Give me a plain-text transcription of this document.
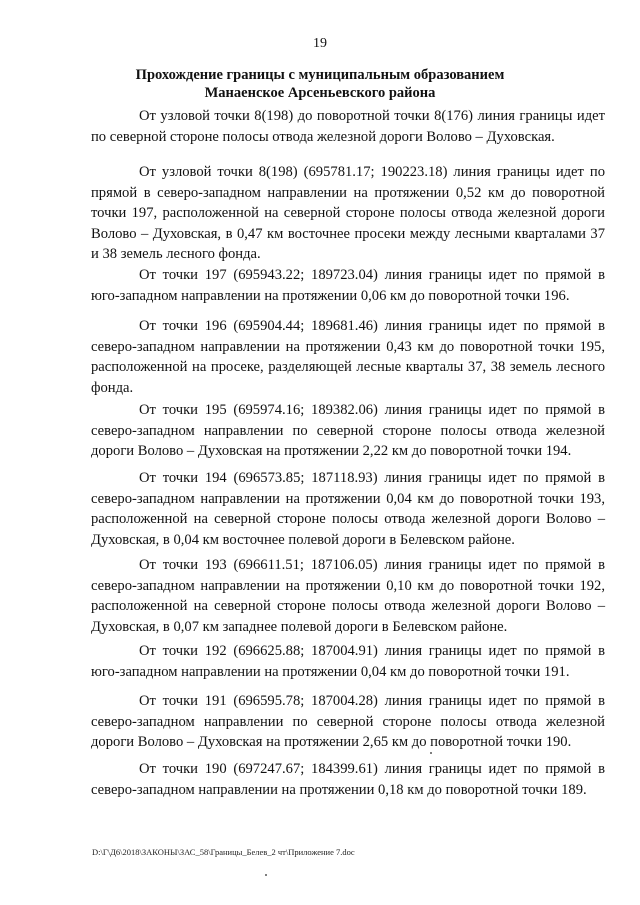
19
Прохождение границы с муниципальным образованием
Манаенское Арсеньевского района

От узловой точки 8(198) до поворотной точки 8(176) линия границы идет по северной стороне полосы отвода железной дороги Волово – Духовская.

От узловой точки 8(198) (695781.17; 190223.18) линия границы идет по прямой в северо-западном направлении на протяжении 0,52 км до поворотной точки 197, расположенной на северной стороне полосы отвода железной дороги Волово – Духовская, в 0,47 км восточнее просеки между лесными кварталами 37 и 38 земель лесного фонда.

От точки 197 (695943.22; 189723.04) линия границы идет по прямой в юго-западном направлении на протяжении 0,06 км до поворотной точки 196.

От точки 196 (695904.44; 189681.46) линия границы идет по прямой в северо-западном направлении на протяжении 0,43 км до поворотной точки 195, расположенной на просеке, разделяющей лесные кварталы 37, 38 земель лесного фонда.

От точки 195 (695974.16; 189382.06) линия границы идет по прямой в северо-западном направлении по северной стороне полосы отвода железной дороги Волово – Духовская на протяжении 2,22 км до поворотной точки 194.

От точки 194 (696573.85; 187118.93) линия границы идет по прямой в северо-западном направлении на протяжении 0,04 км до поворотной точки 193, расположенной на северной стороне полосы отвода железной дороги Волово – Духовская, в 0,04 км восточнее полевой дороги в Белевском районе.

От точки 193 (696611.51; 187106.05) линия границы идет по прямой в северо-западном направлении на протяжении 0,10 км до поворотной точки 192, расположенной на северной стороне полосы отвода железной дороги Волово – Духовская, в 0,07 км западнее полевой дороги в Белевском районе.

От точки 192 (696625.88; 187004.91) линия границы идет по прямой в юго-западном направлении на протяжении 0,04 км до поворотной точки 191.

От точки 191 (696595.78; 187004.28) линия границы идет по прямой в северо-западном направлении по северной стороне полосы отвода железной дороги Волово – Духовская на протяжении 2,65 км до поворотной точки 190.

От точки 190 (697247.67; 184399.61) линия границы идет по прямой в северо-западном направлении на протяжении 0,18 км до поворотной точки 189.

D:\Г\Д6\2018\ЗАКОНЫ\ЗАС_58\Границы_Белев_2 чт\Приложение 7.doc
